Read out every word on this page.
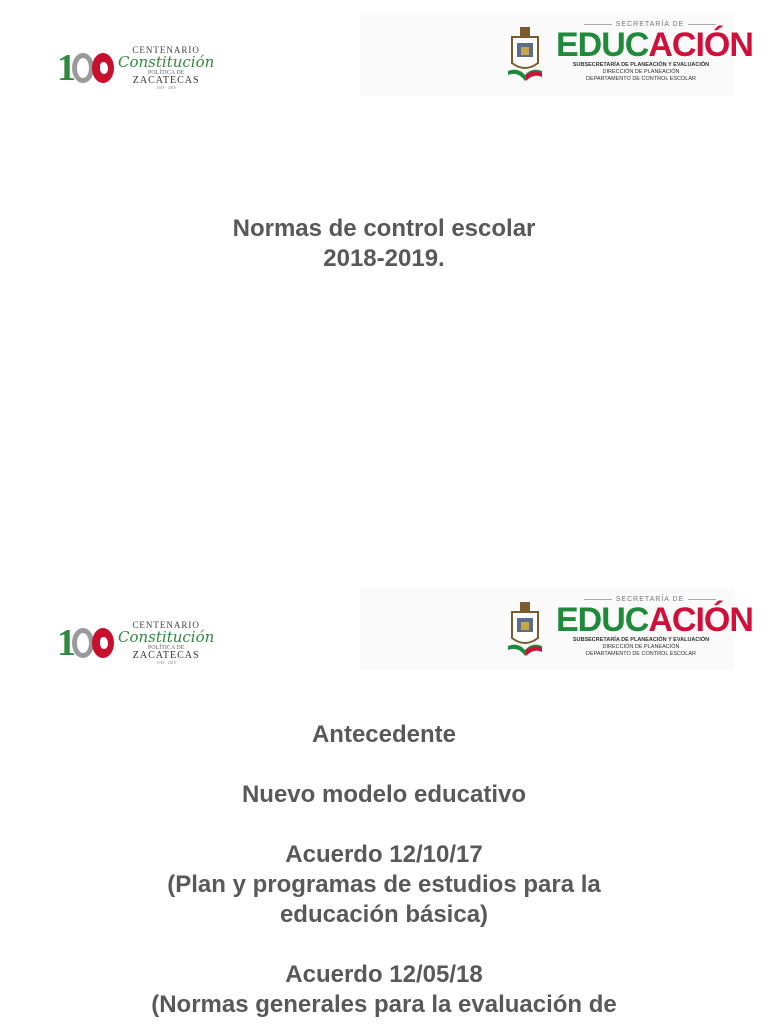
1	CENTENARIO
Constitución
POLÍTICA DE
ZACATECAS
1918 · 2018
SECRETARÍA DE
EDUCACIÓN
SUBSECRETARÍA DE PLANEACIÓN Y EVALUACIÓN
DIRECCIÓN DE PLANEACIÓN
DEPARTAMENTO DE CONTROL ESCOLAR
Normas de control escolar
2018-2019.
1	CENTENARIO
Constitución
POLÍTICA DE
ZACATECAS
1918 · 2018
SECRETARÍA DE
EDUCACIÓN
SUBSECRETARÍA DE PLANEACIÓN Y EVALUACIÓN
DIRECCIÓN DE PLANEACIÓN
DEPARTAMENTO DE CONTROL ESCOLAR
Antecedente
Nuevo modelo educativo
Acuerdo 12/10/17
(Plan y programas de estudios para la
educación básica)
Acuerdo 12/05/18
(Normas generales para la evaluación de
